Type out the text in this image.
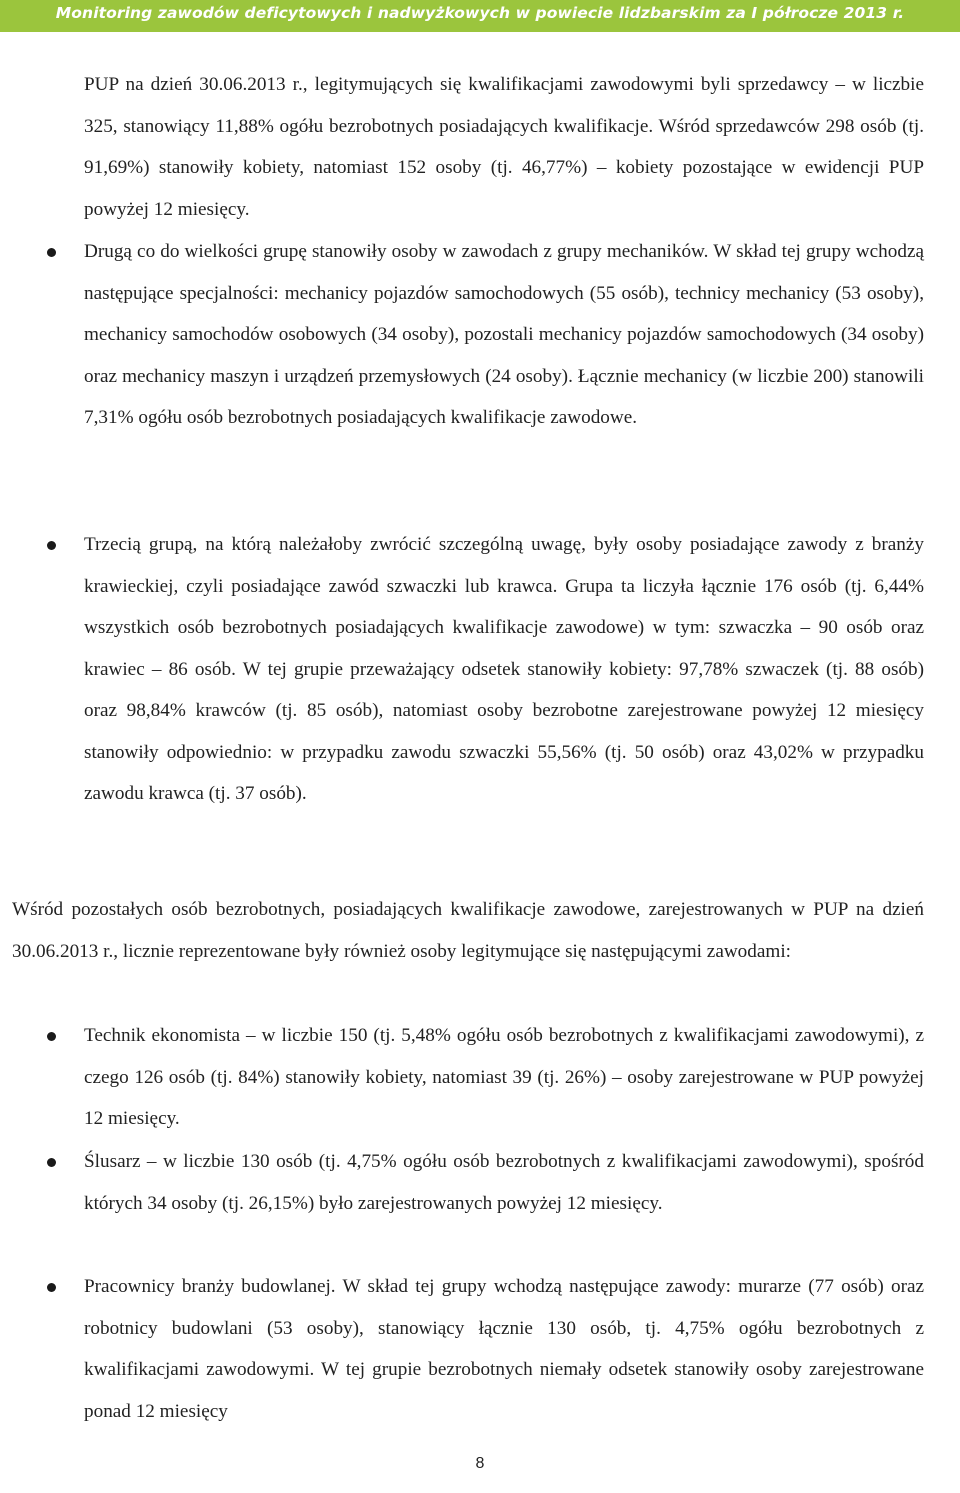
Monitoring zawodów deficytowych i nadwyżkowych w powiecie lidzbarskim za I półrocze 2013 r.

PUP na dzień 30.06.2013 r., legitymujących się kwalifikacjami zawodowymi byli sprzedawcy – w liczbie 325, stanowiący 11,88% ogółu bezrobotnych posiadających kwalifikacje. Wśród sprzedawców 298 osób (tj. 91,69%) stanowiły kobiety, natomiast 152 osoby (tj. 46,77%) – kobiety pozostające w ewidencji PUP powyżej 12 miesięcy.

Drugą co do wielkości grupę stanowiły osoby w zawodach z grupy mechaników. W skład tej grupy wchodzą następujące specjalności: mechanicy pojazdów samochodowych (55 osób), technicy mechanicy (53 osoby), mechanicy samochodów osobowych (34 osoby), pozostali mechanicy pojazdów samochodowych (34 osoby) oraz mechanicy maszyn i urządzeń przemysłowych (24 osoby). Łącznie mechanicy (w liczbie 200) stanowili 7,31% ogółu osób bezrobotnych posiadających kwalifikacje zawodowe.

Trzecią grupą, na którą należałoby zwrócić szczególną uwagę, były osoby posiadające zawody z branży krawieckiej, czyli posiadające zawód szwaczki lub krawca. Grupa ta liczyła łącznie 176 osób (tj. 6,44% wszystkich osób bezrobotnych posiadających kwalifikacje zawodowe) w tym: szwaczka – 90 osób oraz krawiec – 86 osób. W tej grupie przeważający odsetek stanowiły kobiety: 97,78% szwaczek (tj. 88 osób) oraz 98,84% krawców (tj. 85 osób), natomiast osoby bezrobotne zarejestrowane powyżej 12 miesięcy stanowiły odpowiednio: w przypadku zawodu szwaczki 55,56% (tj. 50 osób) oraz 43,02% w przypadku zawodu krawca (tj. 37 osób).

Wśród pozostałych osób bezrobotnych, posiadających kwalifikacje zawodowe, zarejestrowanych w PUP na dzień 30.06.2013 r., licznie reprezentowane były również osoby legitymujące się następującymi zawodami:

Technik ekonomista – w liczbie 150 (tj. 5,48% ogółu osób bezrobotnych z kwalifikacjami zawodowymi), z czego 126 osób (tj. 84%) stanowiły kobiety, natomiast 39 (tj. 26%) – osoby zarejestrowane w PUP powyżej 12 miesięcy.

Ślusarz – w liczbie 130 osób (tj. 4,75% ogółu osób bezrobotnych z kwalifikacjami zawodowymi), spośród których 34 osoby (tj. 26,15%) było zarejestrowanych powyżej 12 miesięcy.

Pracownicy branży budowlanej. W skład tej grupy wchodzą następujące zawody: murarze (77 osób) oraz robotnicy budowlani (53 osoby), stanowiący łącznie 130 osób, tj. 4,75% ogółu bezrobotnych z kwalifikacjami zawodowymi. W tej grupie bezrobotnych niemały odsetek stanowiły osoby zarejestrowane ponad 12 miesięcy

8
